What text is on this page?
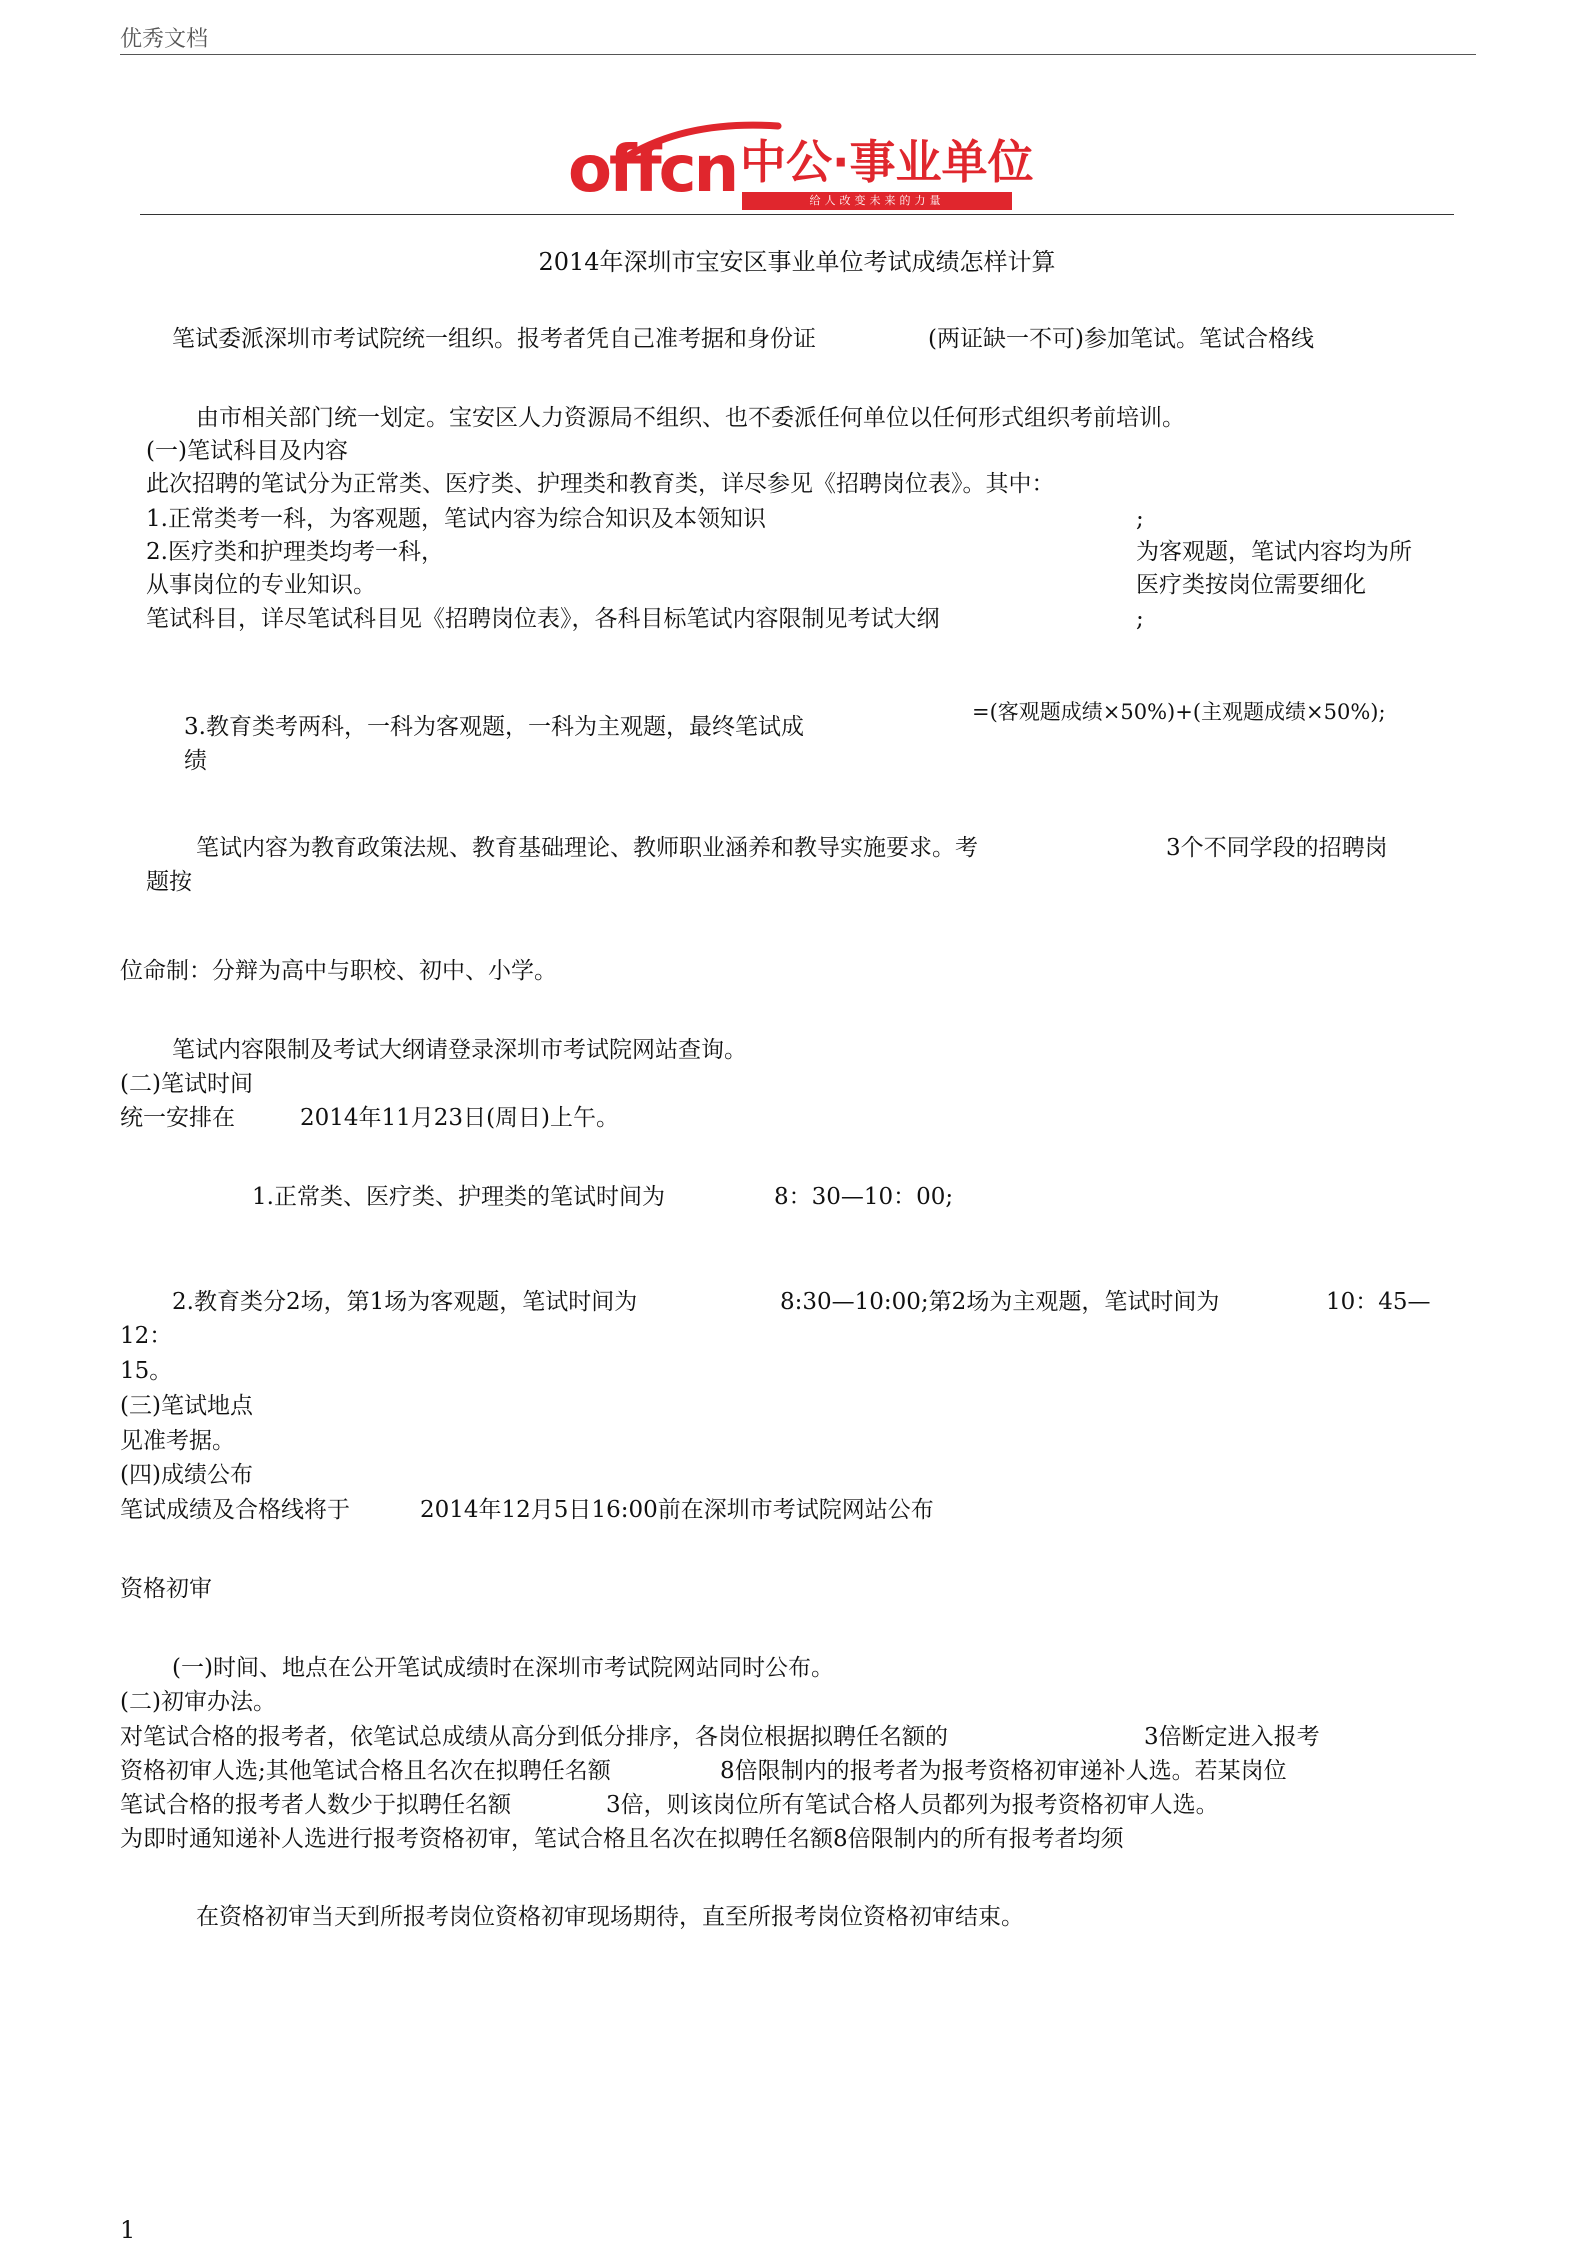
优秀文档
offcn 中公·事业单位
给人改变未来的力量
2014年深圳市宝安区事业单位考试成绩怎样计算
笔试委派深圳市考试院统一组织。报考者凭自己准考据和身份证	(两证缺一不可)参加笔试。笔试合格线
由市相关部门统一划定。宝安区人力资源局不组织、也不委派任何单位以任何形式组织考前培训。
(一)笔试科目及内容
此次招聘的笔试分为正常类、医疗类、护理类和教育类，详尽参见《招聘岗位表》。其中：
1.正常类考一科，为客观题，笔试内容为综合知识及本领知识	;
2.医疗类和护理类均考一科，	为客观题，笔试内容均为所
从事岗位的专业知识。	医疗类按岗位需要细化
笔试科目，详尽笔试科目见《招聘岗位表》，各科目标笔试内容限制见考试大纲	;
=(客观题成绩×50%)+(主观题成绩×50%);
3.教育类考两科，一科为客观题，一科为主观题，最终笔试成
绩
笔试内容为教育政策法规、教育基础理论、教师职业涵养和教导实施要求。考	3个不同学段的招聘岗
题按
位命制：分辩为高中与职校、初中、小学。
笔试内容限制及考试大纲请登录深圳市考试院网站查询。
(二)笔试时间
统一安排在	2014年11月23日(周日)上午。
1.正常类、医疗类、护理类的笔试时间为	8：30—10：00;
2.教育类分2场，第1场为客观题，笔试时间为	8:30—10:00;第2场为主观题，笔试时间为	10：45—
12：
15。
(三)笔试地点
见准考据。
(四)成绩公布
笔试成绩及合格线将于	2014年12月5日16:00前在深圳市考试院网站公布
资格初审
(一)时间、地点在公开笔试成绩时在深圳市考试院网站同时公布。
(二)初审办法。
对笔试合格的报考者，依笔试总成绩从高分到低分排序，各岗位根据拟聘任名额的	3倍断定进入报考
资格初审人选;其他笔试合格且名次在拟聘任名额	8倍限制内的报考者为报考资格初审递补人选。若某岗位
笔试合格的报考者人数少于拟聘任名额	3倍，则该岗位所有笔试合格人员都列为报考资格初审人选。
为即时通知递补人选进行报考资格初审，笔试合格且名次在拟聘任名额8倍限制内的所有报考者均须
在资格初审当天到所报考岗位资格初审现场期待，直至所报考岗位资格初审结束。
1
